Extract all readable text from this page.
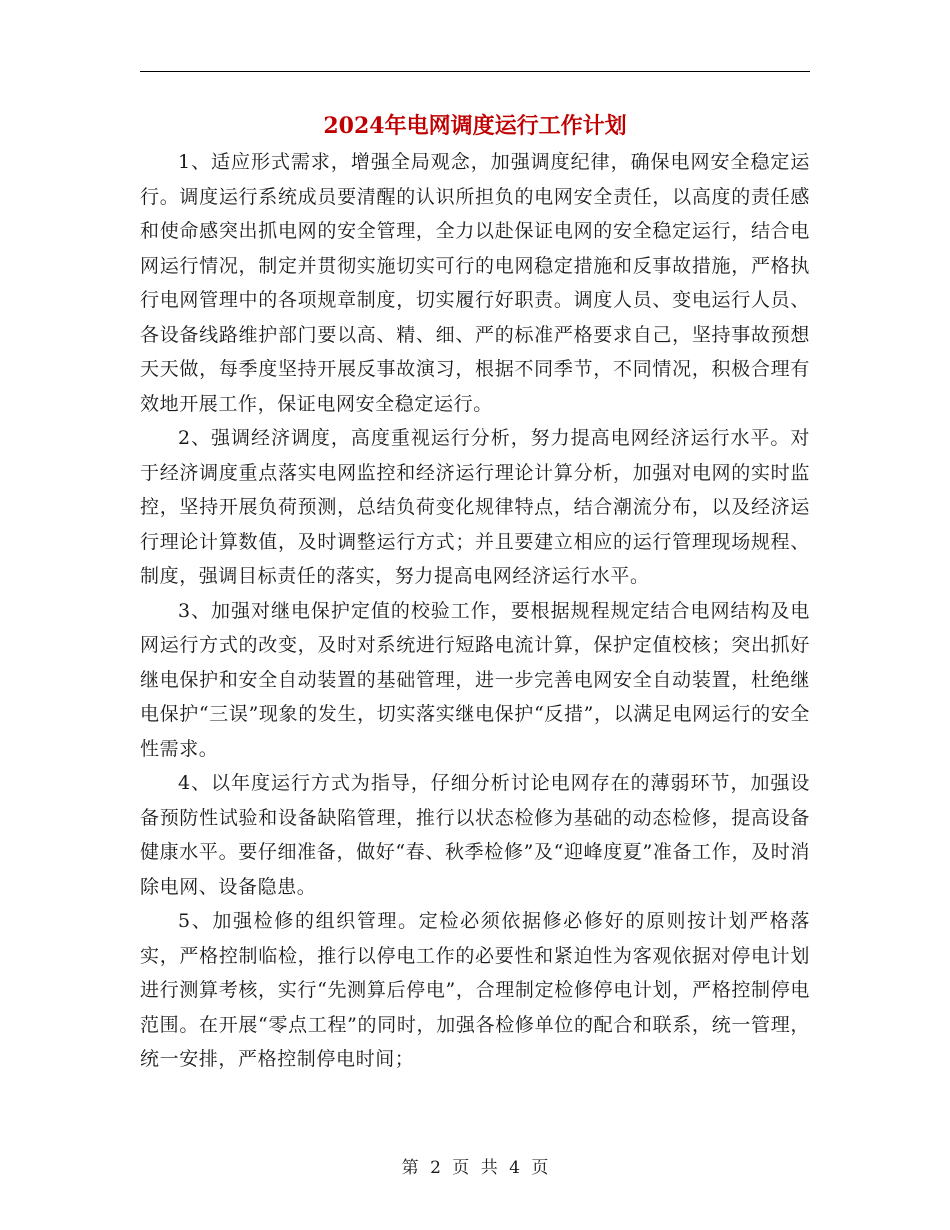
2024年电网调度运行工作计划

1、适应形式需求，增强全局观念，加强调度纪律，确保电网安全稳定运行。调度运行系统成员要清醒的认识所担负的电网安全责任，以高度的责任感和使命感突出抓电网的安全管理，全力以赴保证电网的安全稳定运行，结合电网运行情况，制定并贯彻实施切实可行的电网稳定措施和反事故措施，严格执行电网管理中的各项规章制度，切实履行好职责。调度人员、变电运行人员、各设备线路维护部门要以高、精、细、严的标准严格要求自己，坚持事故预想天天做，每季度坚持开展反事故演习，根据不同季节，不同情况，积极合理有效地开展工作，保证电网安全稳定运行。

2、强调经济调度，高度重视运行分析，努力提高电网经济运行水平。对于经济调度重点落实电网监控和经济运行理论计算分析，加强对电网的实时监控，坚持开展负荷预测，总结负荷变化规律特点，结合潮流分布，以及经济运行理论计算数值，及时调整运行方式；并且要建立相应的运行管理现场规程、制度，强调目标责任的落实，努力提高电网经济运行水平。

3、加强对继电保护定值的校验工作，要根据规程规定结合电网结构及电网运行方式的改变，及时对系统进行短路电流计算，保护定值校核；突出抓好继电保护和安全自动装置的基础管理，进一步完善电网安全自动装置，杜绝继电保护“三误”现象的发生，切实落实继电保护“反措”，以满足电网运行的安全性需求。

4、以年度运行方式为指导，仔细分析讨论电网存在的薄弱环节，加强设备预防性试验和设备缺陷管理，推行以状态检修为基础的动态检修，提高设备健康水平。要仔细准备，做好“春、秋季检修”及“迎峰度夏”准备工作，及时消除电网、设备隐患。

5、加强检修的组织管理。定检必须依据修必修好的原则按计划严格落实，严格控制临检，推行以停电工作的必要性和紧迫性为客观依据对停电计划进行测算考核，实行“先测算后停电”，合理制定检修停电计划，严格控制停电范围。在开展“零点工程”的同时，加强各检修单位的配合和联系，统一管理，统一安排，严格控制停电时间；

第 2 页 共 4 页
